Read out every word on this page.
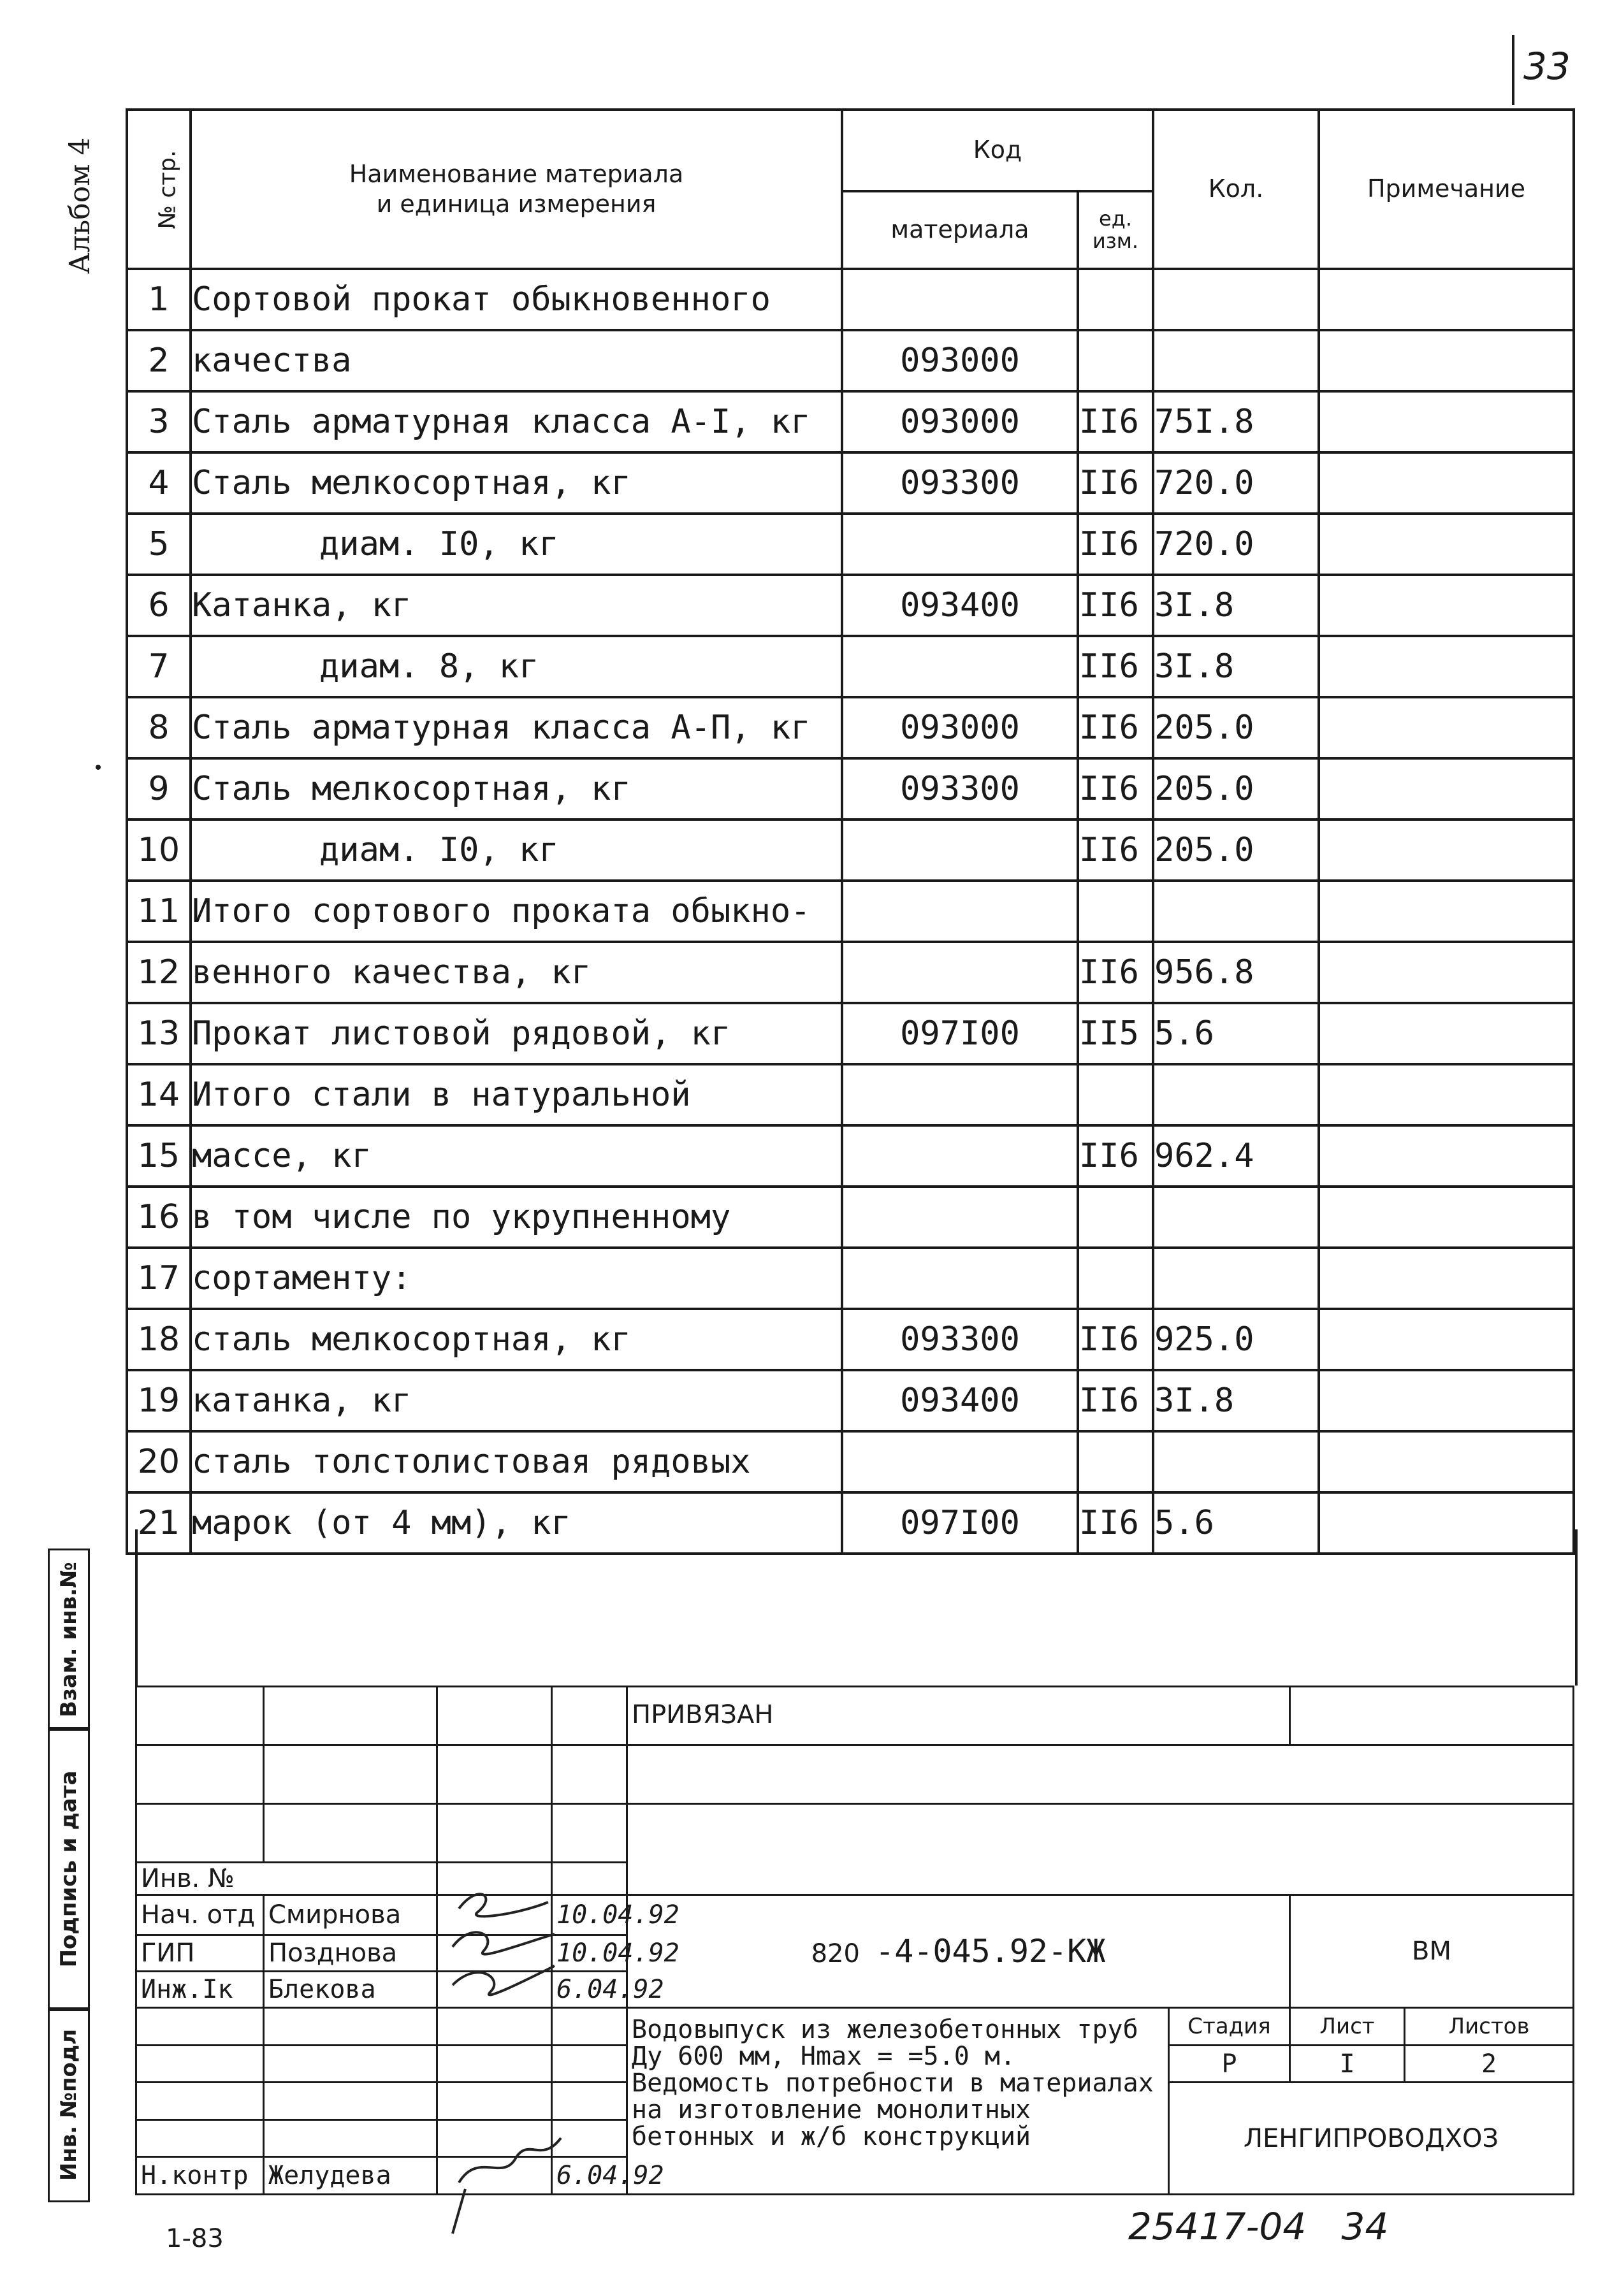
33
Альбом 4	№ стр.	Наименование материала
и единица измерения	Код		Кол.	Примечание
		материала	ед. изм.		
1	Сортовой прокат обыкновенного				
2	качества	093000			
3	Сталь арматурная класса А-I, кг	093000	II6	75I.8	
4	Сталь мелкосортная, кг	093300	II6	720.0	
5	диам. I0, кг		II6	720.0	
6	Катанка, кг	093400	II6	3I.8	
7	диам. 8, кг		II6	3I.8	
8	Сталь арматурная класса А-П, кг	093000	II6	205.0	
9	Сталь мелкосортная, кг	093300	II6	205.0	
10	диам. I0, кг		II6	205.0	
11	Итого сортового проката обыкно-				
12	венного качества, кг		II6	956.8	
13	Прокат листовой рядовой, кг	097I00	II5	5.6	
14	Итого стали в натуральной				
15	массе, кг		II6	962.4	
16	в том числе по укрупненному				
17	сортаменту:				
18	сталь мелкосортная, кг	093300	II6	925.0	
19	катанка, кг	093400	II6	3I.8	
20	сталь толстолистовая рядовых				
21	марок (от 4 мм), кг	097I00	II6	5.6	
				ПРИВЯЗАН			

Инв. №							
Нач. отд	Смирнова		10.04.92	820 -4-045.92-КЖ		ВМ	
ГИП	Позднова		10.04.92				
Инж.Iк	Блекова		6.04.92				
				Водовыпуск из железобетонных труб Ду 600 мм, Hmax = =5.0 м. Ведомость потребности в материалах на изготовление монолитных бетонных и ж/б конструкций	Стадия	Лист	Листов
					Р	I	2
					ЛЕНГИПРОВОДХОЗ		

Н.контр	Желудева		6.04.92				
Взам. инв.№
Подпись и дата
Инв. №подл
1-83	25417-04   34
